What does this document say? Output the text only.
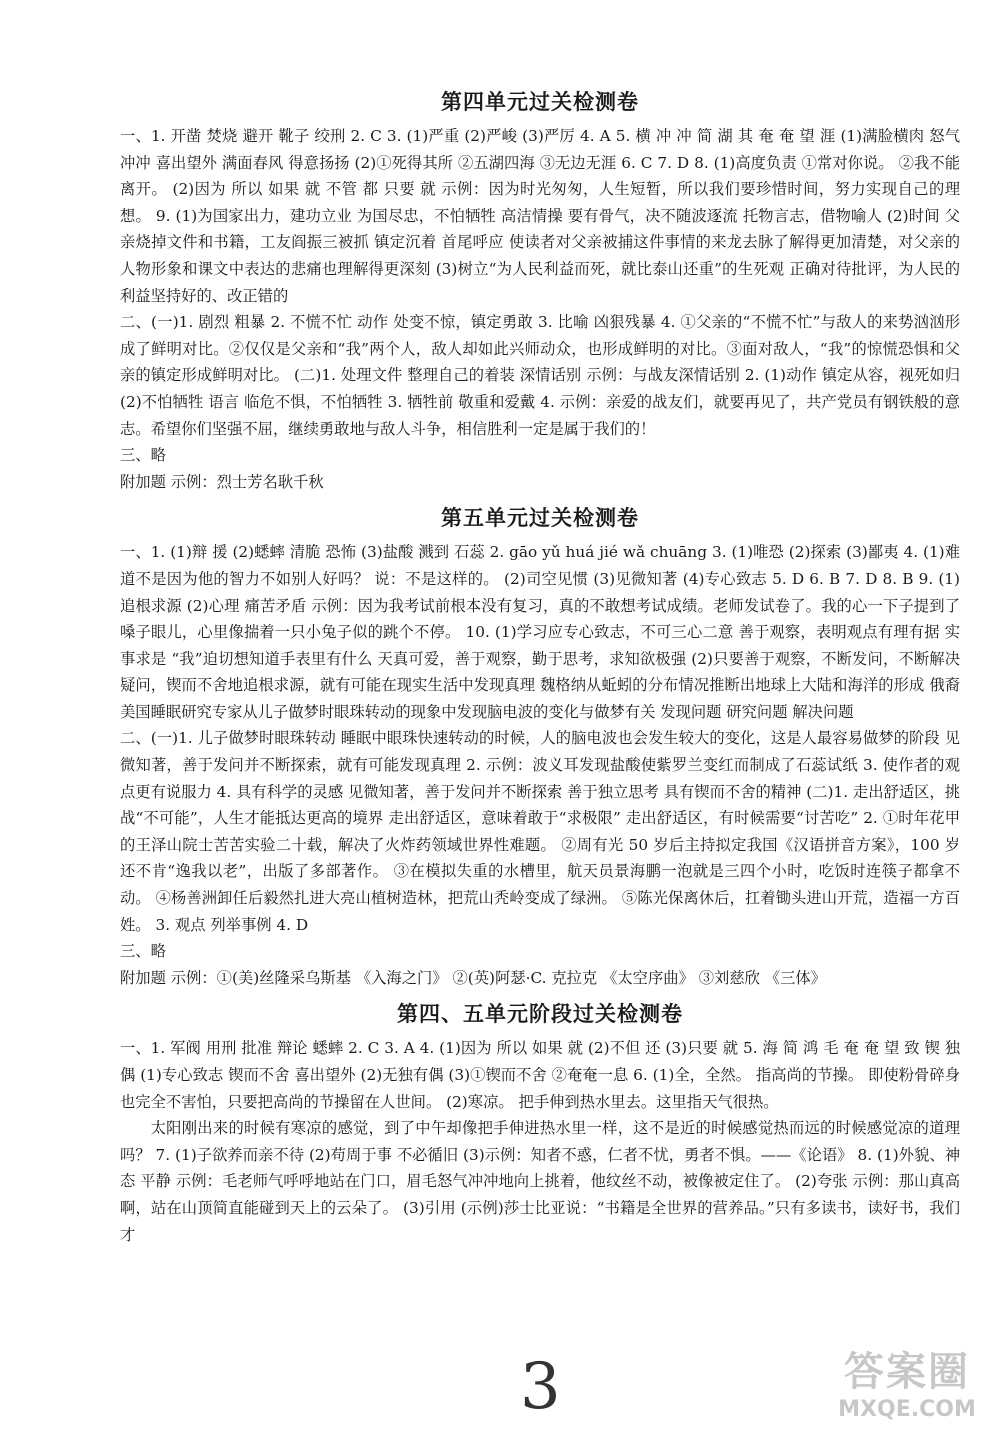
第四单元过关检测卷

一、1. 开凿 焚烧 避开 靴子 绞刑 2. C 3. (1)严重 (2)严峻 (3)严厉 4. A 5. 横 冲 冲 简 湖 其 奄 奄 望 涯 (1)满脸横肉 怒气冲冲 喜出望外 满面春风 得意扬扬 (2)①死得其所 ②五湖四海 ③无边无涯 6. C 7. D 8. (1)高度负责 ①常对你说。 ②我不能离开。 (2)因为 所以 如果 就 不管 都 只要 就 示例：因为时光匆匆，人生短暂，所以我们要珍惜时间，努力实现自己的理想。 9. (1)为国家出力，建功立业 为国尽忠，不怕牺牲 高洁情操 要有骨气，决不随波逐流 托物言志，借物喻人 (2)时间 父亲烧掉文件和书籍，工友阎振三被抓 镇定沉着 首尾呼应 使读者对父亲被捕这件事情的来龙去脉了解得更加清楚，对父亲的人物形象和课文中表达的悲痛也理解得更深刻 (3)树立“为人民利益而死，就比泰山还重”的生死观 正确对待批评，为人民的利益坚持好的、改正错的

二、(一)1. 剧烈 粗暴 2. 不慌不忙 动作 处变不惊，镇定勇敢 3. 比喻 凶狠残暴 4. ①父亲的“不慌不忙”与敌人的来势汹汹形成了鲜明对比。②仅仅是父亲和“我”两个人，敌人却如此兴师动众，也形成鲜明的对比。③面对敌人，“我”的惊慌恐惧和父亲的镇定形成鲜明对比。 (二)1. 处理文件 整理自己的着装 深情话别 示例：与战友深情话别 2. (1)动作 镇定从容，视死如归 (2)不怕牺牲 语言 临危不惧，不怕牺牲 3. 牺牲前 敬重和爱戴 4. 示例：亲爱的战友们，就要再见了，共产党员有钢铁般的意志。希望你们坚强不屈，继续勇敢地与敌人斗争，相信胜利一定是属于我们的！

三、略

附加题 示例：烈士芳名耿千秋

第五单元过关检测卷

一、1. (1)辩 援 (2)蟋蟀 清脆 恐怖 (3)盐酸 溅到 石蕊 2. gāo yǔ huá jié wǎ chuāng 3. (1)唯恐 (2)探索 (3)鄙夷 4. (1)难道不是因为他的智力不如别人好吗？ 说：不是这样的。 (2)司空见惯 (3)见微知著 (4)专心致志 5. D 6. B 7. D 8. B 9. (1)追根求源 (2)心理 痛苦矛盾 示例：因为我考试前根本没有复习，真的不敢想考试成绩。老师发试卷了。我的心一下子提到了嗓子眼儿，心里像揣着一只小兔子似的跳个不停。 10. (1)学习应专心致志，不可三心二意 善于观察，表明观点有理有据 实事求是 “我”迫切想知道手表里有什么 天真可爱，善于观察，勤于思考，求知欲极强 (2)只要善于观察，不断发问，不断解决疑问，锲而不舍地追根求源，就有可能在现实生活中发现真理 魏格纳从蚯蚓的分布情况推断出地球上大陆和海洋的形成 俄裔美国睡眠研究专家从儿子做梦时眼珠转动的现象中发现脑电波的变化与做梦有关 发现问题 研究问题 解决问题

二、(一)1. 儿子做梦时眼珠转动 睡眠中眼珠快速转动的时候，人的脑电波也会发生较大的变化，这是人最容易做梦的阶段 见微知著，善于发问并不断探索，就有可能发现真理 2. 示例：波义耳发现盐酸使紫罗兰变红而制成了石蕊试纸 3. 使作者的观点更有说服力 4. 具有科学的灵感 见微知著，善于发问并不断探索 善于独立思考 具有锲而不舍的精神 (二)1. 走出舒适区，挑战“不可能”，人生才能抵达更高的境界 走出舒适区，意味着敢于“求极限” 走出舒适区，有时候需要“讨苦吃” 2. ①时年花甲的王泽山院士苦苦实验二十载，解决了火炸药领域世界性难题。 ②周有光 50 岁后主持拟定我国《汉语拼音方案》，100 岁还不肯“逸我以老”，出版了多部著作。 ③在模拟失重的水槽里，航天员景海鹏一泡就是三四个小时，吃饭时连筷子都拿不动。 ④杨善洲卸任后毅然扎进大亮山植树造林，把荒山秃岭变成了绿洲。 ⑤陈光保离休后，扛着锄头进山开荒，造福一方百姓。 3. 观点 列举事例 4. D

三、略

附加题 示例：①(美)丝隆采乌斯基 《入海之门》 ②(英)阿瑟·C. 克拉克 《太空序曲》 ③刘慈欣 《三体》

第四、五单元阶段过关检测卷

一、1. 军阀 用刑 批准 辩论 蟋蟀 2. C 3. A 4. (1)因为 所以 如果 就 (2)不但 还 (3)只要 就 5. 海 简 鸿 毛 奄 奄 望 致 锲 独 偶 (1)专心致志 锲而不舍 喜出望外 (2)无独有偶 (3)①锲而不舍 ②奄奄一息 6. (1)全，全然。 指高尚的节操。 即使粉骨碎身也完全不害怕，只要把高尚的节操留在人世间。 (2)寒凉。 把手伸到热水里去。这里指天气很热。

太阳刚出来的时候有寒凉的感觉，到了中午却像把手伸进热水里一样，这不是近的时候感觉热而远的时候感觉凉的道理吗？ 7. (1)子欲养而亲不待 (2)苟周于事 不必循旧 (3)示例：知者不惑，仁者不忧，勇者不惧。——《论语》 8. (1)外貌、神态 平静 示例：毛老师气呼呼地站在门口，眉毛怒气冲冲地向上挑着，他纹丝不动，被像被定住了。 (2)夸张 示例：那山真高啊，站在山顶简直能碰到天上的云朵了。 (3)引用 (示例)莎士比亚说：“书籍是全世界的营养品。”只有多读书，读好书，我们才

3	答案圈
MXQE.COM
